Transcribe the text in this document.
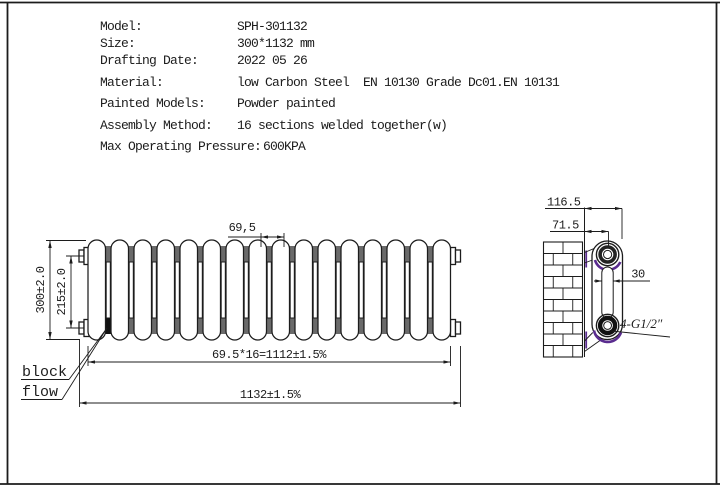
69,5
300±2.0 215±2.0
69.5*16=1112±1.5%
1132±1.5%
block
flow
116.5
71.5
30
4-G1/2″

Model:

	SPH-301132

Size:

	300*1132 mm

Drafting Date:

	2022 05 26

Material:

	low Carbon Steel  EN 10130 Grade Dc01.EN 10131

Painted Models:

Powder painted

Assembly Method:

16 sections welded together(w)

Max Operating Pressure:

600KPA
